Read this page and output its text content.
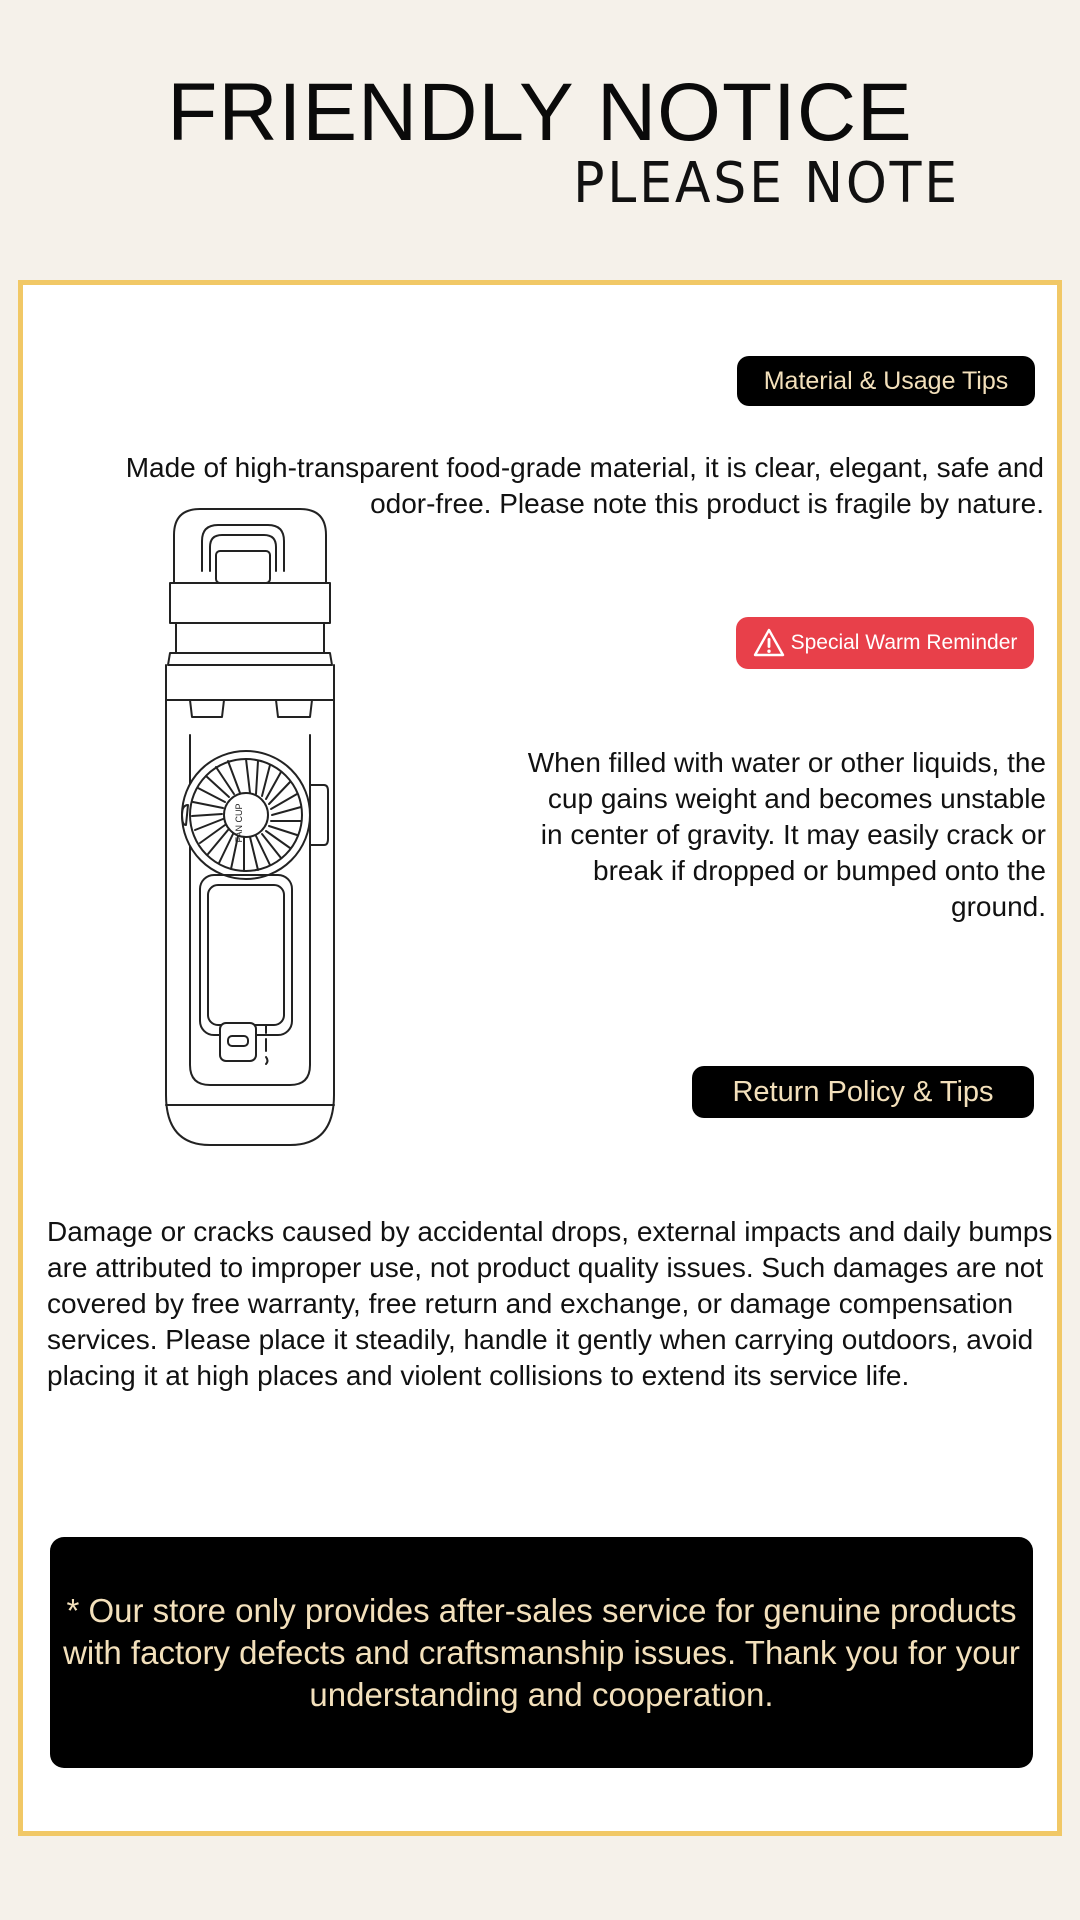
FRIENDLY NOTICE
PLEASE NOTE
Material & Usage Tips

Made of high-transparent food-grade material, it is clear, elegant, safe and odor-free. Please note this product is fragile by nature.

Special Warm Reminder

When filled with water or other liquids, the cup gains weight and becomes unstable in center of gravity. It may easily crack or break if dropped or bumped onto the ground.

Return Policy & Tips

Damage or cracks caused by accidental drops, external impacts and daily bumps are attributed to improper use, not product quality issues. Such damages are not covered by free warranty, free return and exchange, or damage compensation services. Please place it steadily, handle it gently when carrying outdoors, avoid placing it at high places and violent collisions to extend its service life.

FAN CUP

* Our store only provides after-sales service for genuine products with factory defects and craftsmanship issues. Thank you for your understanding and cooperation.
